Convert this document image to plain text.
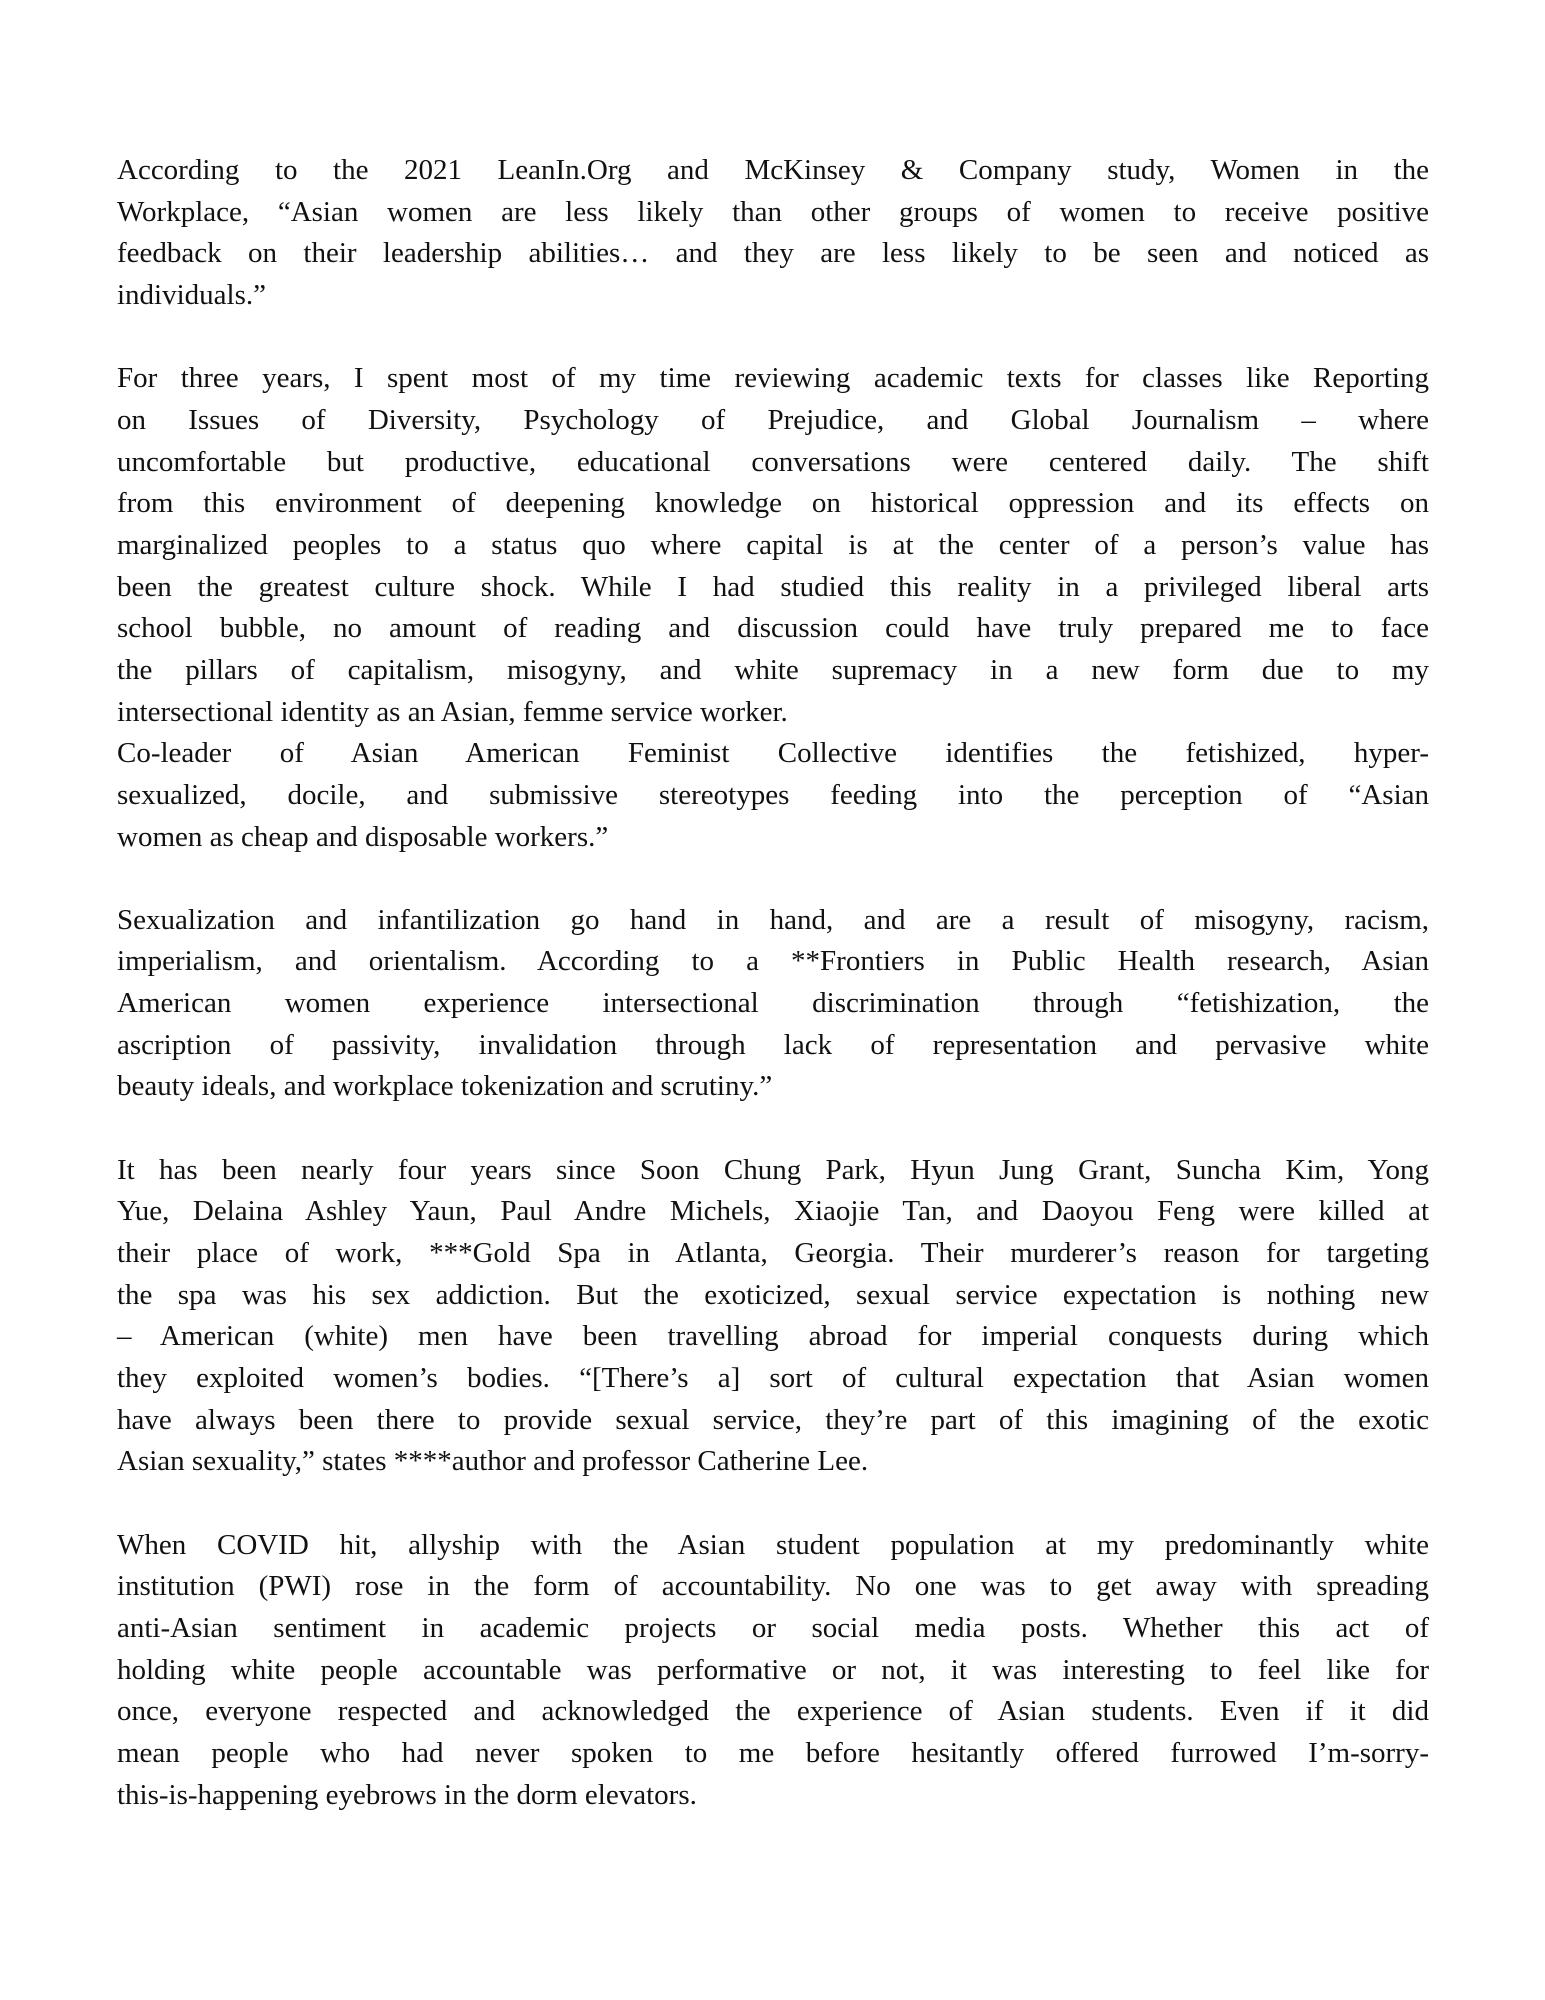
According to the 2021 LeanIn.Org and McKinsey & Company study, Women in the
Workplace, “Asian women are less likely than other groups of women to receive positive
feedback on their leadership abilities… and they are less likely to be seen and noticed as
individuals.”
For three years, I spent most of my time reviewing academic texts for classes like Reporting
on Issues of Diversity, Psychology of Prejudice, and Global Journalism – where
uncomfortable but productive, educational conversations were centered daily. The shift
from this environment of deepening knowledge on historical oppression and its effects on
marginalized peoples to a status quo where capital is at the center of a person’s value has
been the greatest culture shock. While I had studied this reality in a privileged liberal arts
school bubble, no amount of reading and discussion could have truly prepared me to face
the pillars of capitalism, misogyny, and white supremacy in a new form due to my
intersectional identity as an Asian, femme service worker.
Co-leader of Asian American Feminist Collective identifies the fetishized, hyper-
sexualized, docile, and submissive stereotypes feeding into the perception of “Asian
women as cheap and disposable workers.”
Sexualization and infantilization go hand in hand, and are a result of misogyny, racism,
imperialism, and orientalism. According to a **Frontiers in Public Health research, Asian
American women experience intersectional discrimination through “fetishization, the
ascription of passivity, invalidation through lack of representation and pervasive white
beauty ideals, and workplace tokenization and scrutiny.”
It has been nearly four years since Soon Chung Park, Hyun Jung Grant, Suncha Kim, Yong
Yue, Delaina Ashley Yaun, Paul Andre Michels, Xiaojie Tan, and Daoyou Feng were killed at
their place of work, ***Gold Spa in Atlanta, Georgia. Their murderer’s reason for targeting
the spa was his sex addiction. But the exoticized, sexual service expectation is nothing new
– American (white) men have been travelling abroad for imperial conquests during which
they exploited women’s bodies. “[There’s a] sort of cultural expectation that Asian women
have always been there to provide sexual service, they’re part of this imagining of the exotic
Asian sexuality,” states ****author and professor Catherine Lee.
When COVID hit, allyship with the Asian student population at my predominantly white
institution (PWI) rose in the form of accountability. No one was to get away with spreading
anti-Asian sentiment in academic projects or social media posts. Whether this act of
holding white people accountable was performative or not, it was interesting to feel like for
once, everyone respected and acknowledged the experience of Asian students. Even if it did
mean people who had never spoken to me before hesitantly offered furrowed I’m-sorry-
this-is-happening eyebrows in the dorm elevators.
